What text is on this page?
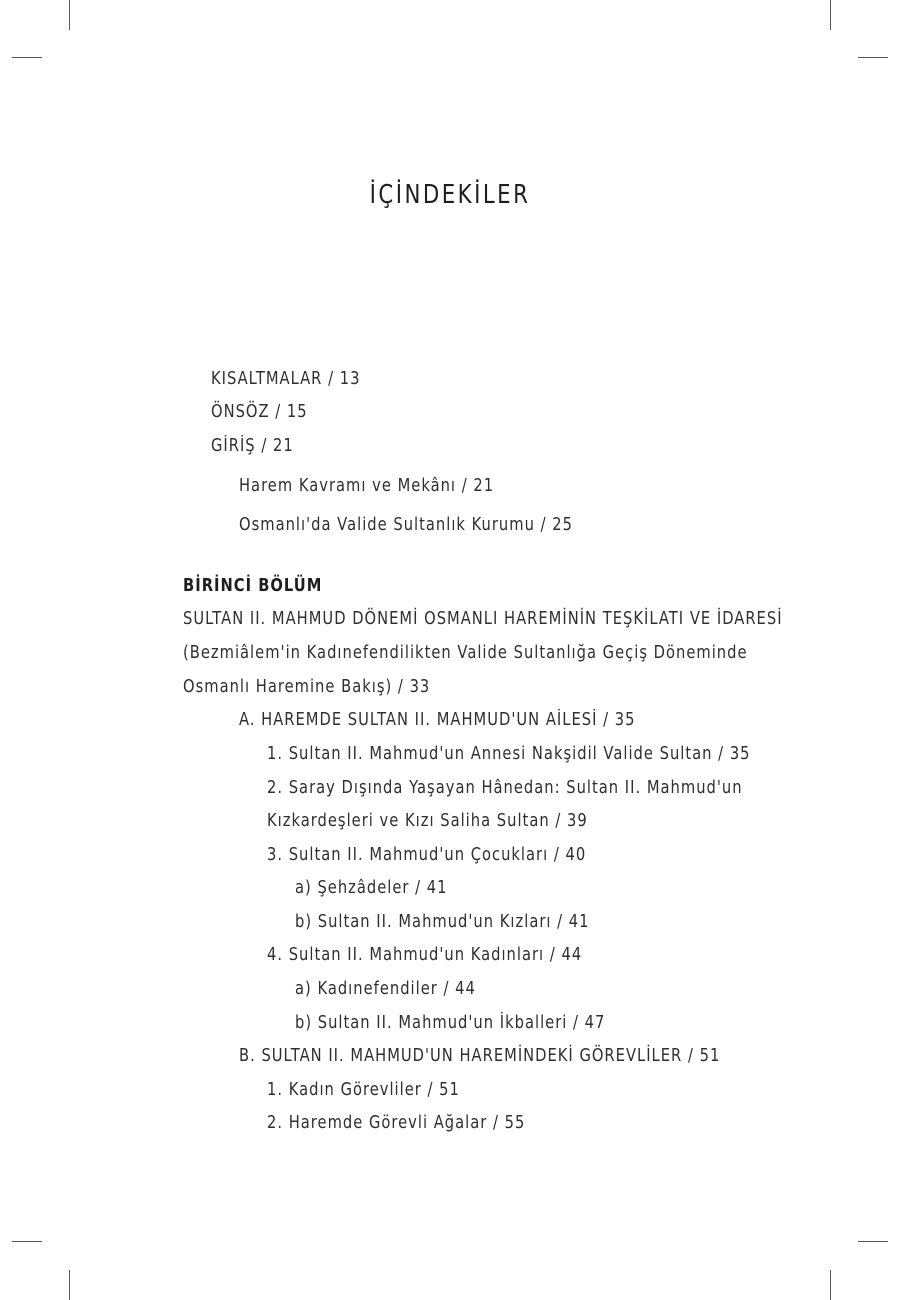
İÇİNDEKİLER
KISALTMALAR / 13
ÖNSÖZ / 15
GİRİŞ / 21
Harem Kavramı ve Mekânı / 21
Osmanlı'da Valide Sultanlık Kurumu / 25
BİRİNCİ BÖLÜM
SULTAN II. MAHMUD DÖNEMİ OSMANLI HAREMİNİN TEŞKİLATI VE İDARESİ
(Bezmiâlem'in Kadınefendilikten Valide Sultanlığa Geçiş Döneminde
Osmanlı Haremine Bakış) / 33
A. HAREMDE SULTAN II. MAHMUD'UN AİLESİ / 35
1. Sultan II. Mahmud'un Annesi Nakşidil Valide Sultan / 35
2. Saray Dışında Yaşayan Hânedan: Sultan II. Mahmud'un
Kızkardeşleri ve Kızı Saliha Sultan / 39
3. Sultan II. Mahmud'un Çocukları / 40
a) Şehzâdeler / 41
b) Sultan II. Mahmud'un Kızları / 41
4. Sultan II. Mahmud'un Kadınları / 44
a) Kadınefendiler / 44
b) Sultan II. Mahmud'un İkballeri / 47
B. SULTAN II. MAHMUD'UN HAREMİNDEKİ GÖREVLİLER / 51
1. Kadın Görevliler / 51
2. Haremde Görevli Ağalar / 55
